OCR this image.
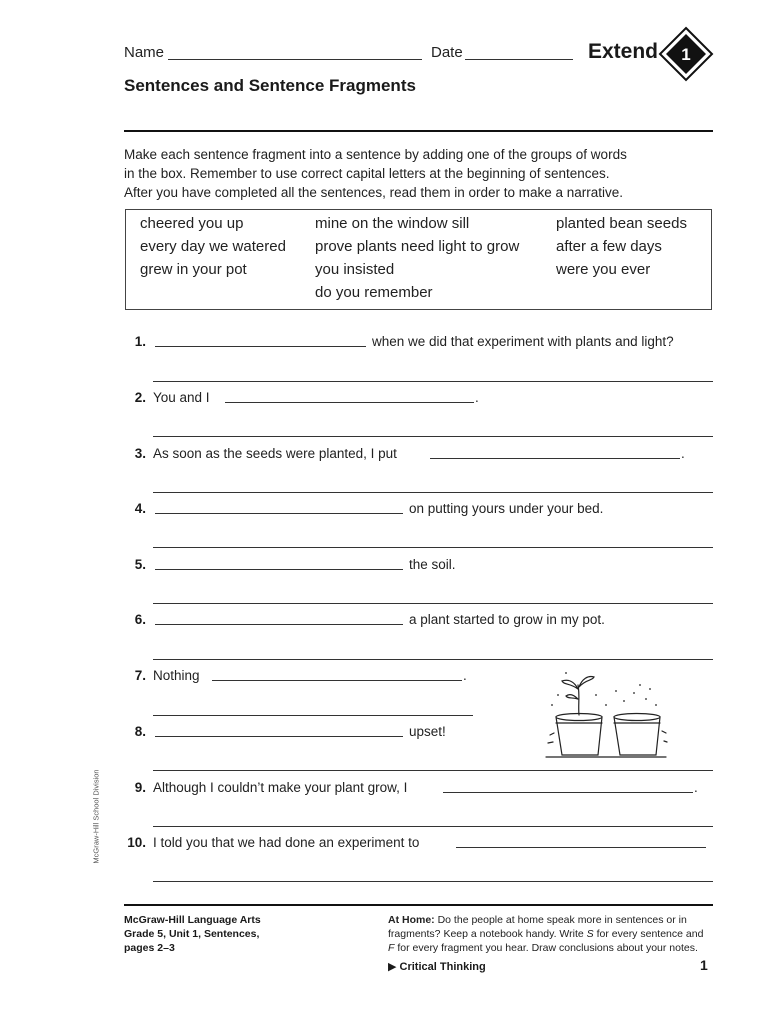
Name	Date	Extend 1
Sentences and Sentence Fragments
Make each sentence fragment into a sentence by adding one of the groups of words
in the box. Remember to use correct capital letters at the beginning of sentences.
After you have completed all the sentences, read them in order to make a narrative.
cheered you up
every day we watered
grew in your pot
mine on the window sill
prove plants need light to grow
you insisted
do you remember
planted bean seeds
after a few days
were you ever
1.	when we did that experiment with plants and light?
2. You and I	.
3. As soon as the seeds were planted, I put	.
4.	on putting yours under your bed.
5.	the soil.
6.	a plant started to grow in my pot.
7. Nothing	.
8.	upset!
9. Although I couldn’t make your plant grow, I	.
10. I told you that we had done an experiment to
McGraw-Hill School Division
McGraw-Hill Language Arts
Grade 5, Unit 1, Sentences,
pages 2–3
At Home: Do the people at home speak more in sentences or in
fragments? Keep a notebook handy. Write S for every sentence and
F for every fragment you hear. Draw conclusions about your notes.
▶ Critical Thinking	1
